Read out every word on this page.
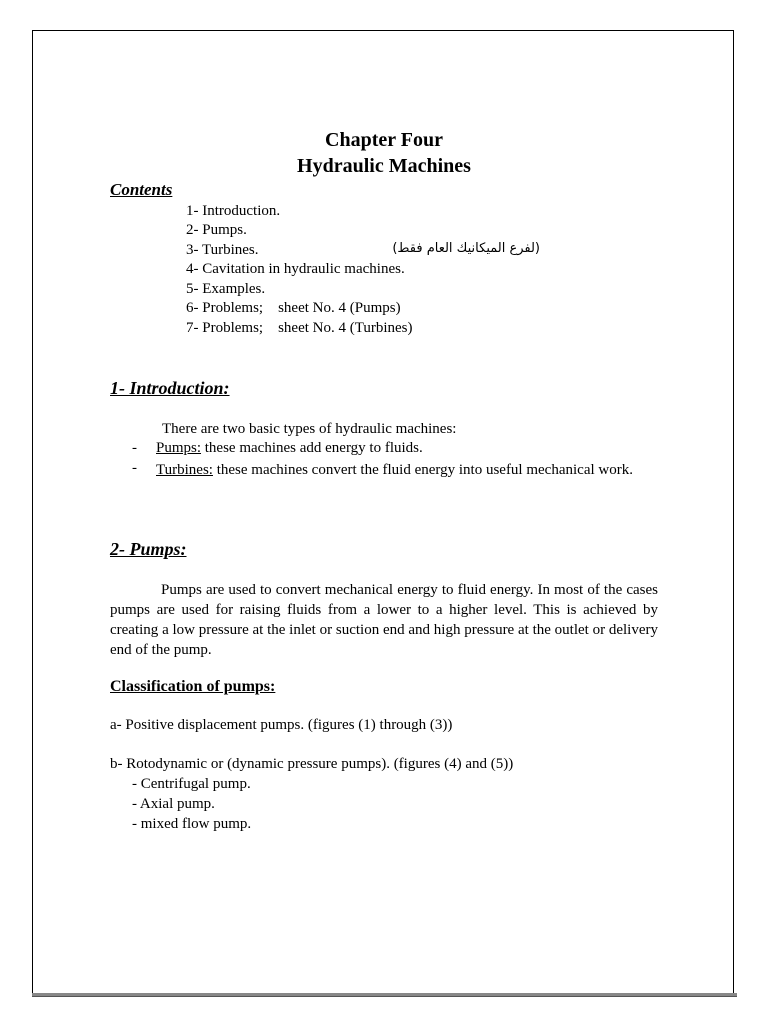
Chapter Four
Hydraulic Machines
Contents
1- Introduction.
2- Pumps.
3- Turbines.	(لفرع الميكانيك العام فقط)
4- Cavitation in hydraulic machines.
5- Examples.
6- Problems;    sheet No. 4 (Pumps)
7- Problems;    sheet No. 4 (Turbines)
1- Introduction:
There are two basic types of hydraulic machines:
- Pumps: these machines add energy to fluids.
- Turbines: these machines convert the fluid energy into useful mechanical work.
2- Pumps:
Pumps are used to convert mechanical energy to fluid energy. In most of the cases pumps are used for raising fluids from a lower to a higher level. This is achieved by creating a low pressure at the inlet or suction end and high pressure at the outlet or delivery end of the pump.
Classification of pumps:
a- Positive displacement pumps. (figures (1) through (3))
b- Rotodynamic or (dynamic pressure pumps). (figures (4) and (5))
- Centrifugal pump.
- Axial pump.
- mixed flow pump.
